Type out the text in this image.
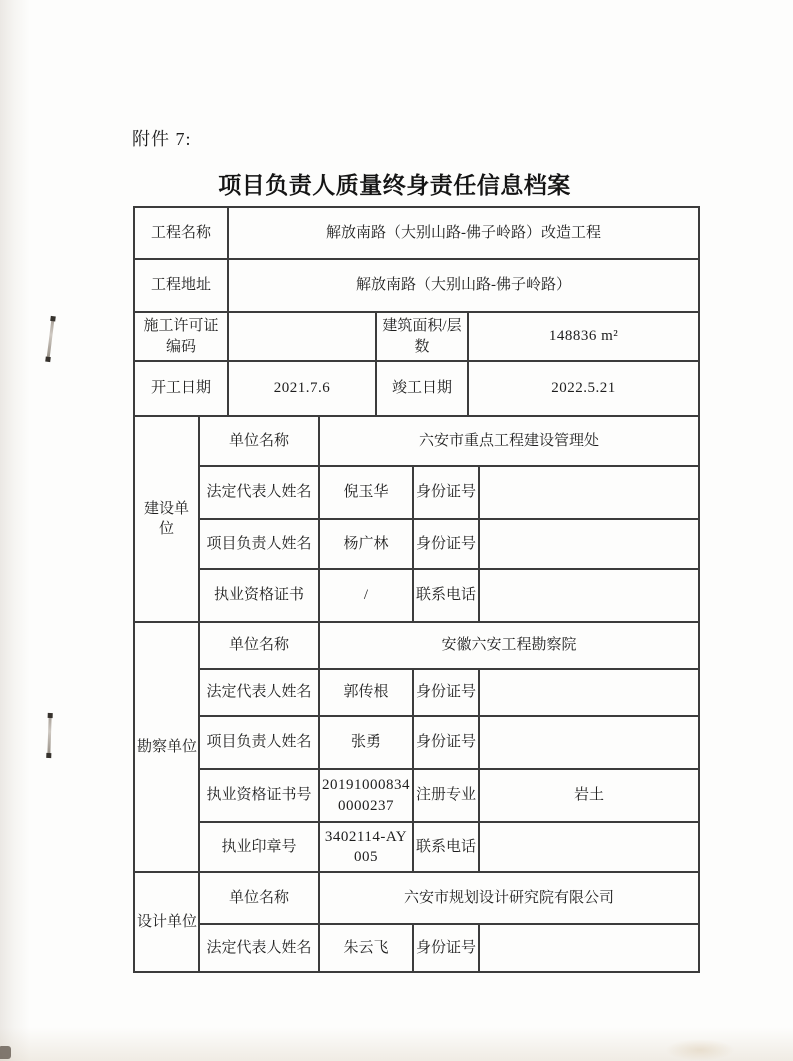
附件 7:
项目负责人质量终身责任信息档案
工程名称		解放南路（大别山路-佛子岭路）改造工程					
工程地址		解放南路（大别山路-佛子岭路）					
施工许可证编码				建筑面积/层数		148836 m²	
开工日期		2021.7.6		竣工日期		2022.5.21	
建设单位	单位名称		六安市重点工程建设管理处				
	法定代表人姓名		倪玉华		身份证号		
	项目负责人姓名		杨广林		身份证号		
	执业资格证书		/		联系电话		
勘察单位	单位名称		安徽六安工程勘察院				
	法定代表人姓名		郭传根		身份证号		
	项目负责人姓名		张勇		身份证号		
	执业资格证书号		201910008340000237		注册专业		岩土
	执业印章号		3402114-AY005		联系电话		
设计单位	单位名称		六安市规划设计研究院有限公司				
	法定代表人姓名		朱云飞		身份证号		
